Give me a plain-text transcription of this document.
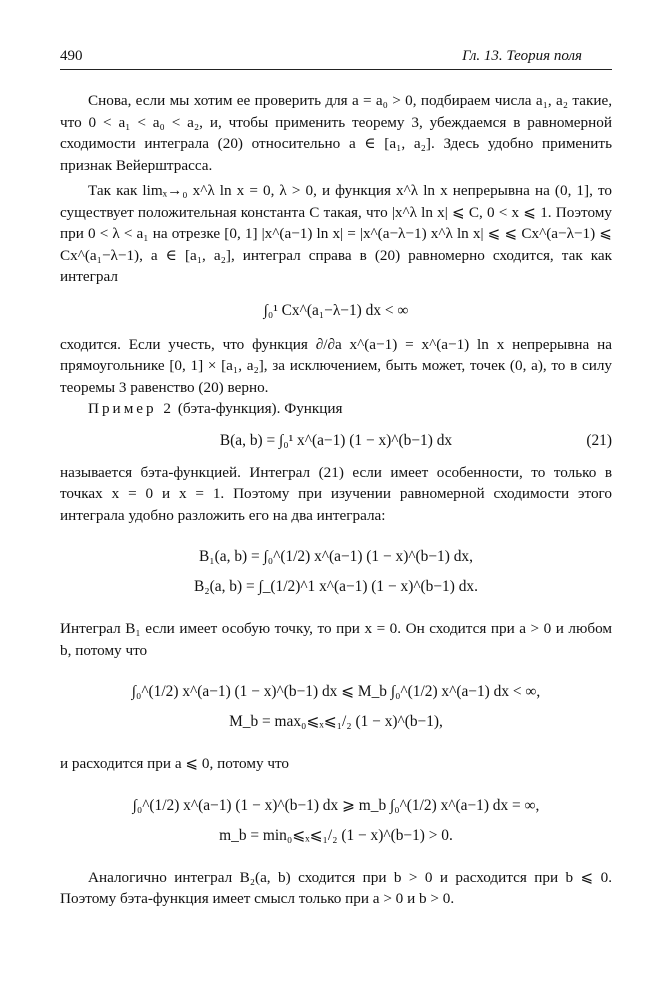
490	Гл. 13. Теория поля

Снова, если мы хотим ее проверить для a = a₀ > 0, подбираем числа a₁, a₂ такие, что 0 < a₁ < a₀ < a₂, и, чтобы применить теорему 3, убеждаемся в равномерной сходимости интеграла (20) относительно a ∈ [a₁, a₂]. Здесь удобно применить признак Вейерштрасса.

Так как limₓ→₀ x^λ ln x = 0, λ > 0, и функция x^λ ln x непрерывна на (0, 1], то существует положительная константа C такая, что |x^λ ln x| ⩽ C, 0 < x ⩽ 1. Поэтому при 0 < λ < a₁ на отрезке [0, 1] |x^(a−1) ln x| = |x^(a−λ−1) x^λ ln x| ⩽ ⩽ Cx^(a−λ−1) ⩽ Cx^(a₁−λ−1), a ∈ [a₁, a₂], интеграл справа в (20) равномерно сходится, так как интеграл

∫₀¹ Cx^(a₁−λ−1) dx < ∞

сходится. Если учесть, что функция ∂/∂a x^(a−1) = x^(a−1) ln x непрерывна на прямоугольнике [0, 1] × [a₁, a₂], за исключением, быть может, точек (0, a), то в силу теоремы 3 равенство (20) верно.

Пример 2 (бэта-функция). Функция

B(a, b) = ∫₀¹ x^(a−1) (1 − x)^(b−1) dx	(21)

называется бэта-функцией. Интеграл (21) если имеет особенности, то только в точках x = 0 и x = 1. Поэтому при изучении равномерной сходимости этого интеграла удобно разложить его на два интеграла:

B₁(a, b) = ∫₀^(1/2) x^(a−1) (1 − x)^(b−1) dx,
B₂(a, b) = ∫_(1/2)^1 x^(a−1) (1 − x)^(b−1) dx.

Интеграл B₁ если имеет особую точку, то при x = 0. Он сходится при a > 0 и любом b, потому что

∫₀^(1/2) x^(a−1) (1 − x)^(b−1) dx ⩽ M_b ∫₀^(1/2) x^(a−1) dx < ∞,
M_b = max₀⩽ₓ⩽₁/₂ (1 − x)^(b−1),

и расходится при a ⩽ 0, потому что

∫₀^(1/2) x^(a−1) (1 − x)^(b−1) dx ⩾ m_b ∫₀^(1/2) x^(a−1) dx = ∞,
m_b = min₀⩽ₓ⩽₁/₂ (1 − x)^(b−1) > 0.

Аналогично интеграл B₂(a, b) сходится при b > 0 и расходится при b ⩽ 0. Поэтому бэта-функция имеет смысл только при a > 0 и b > 0.
